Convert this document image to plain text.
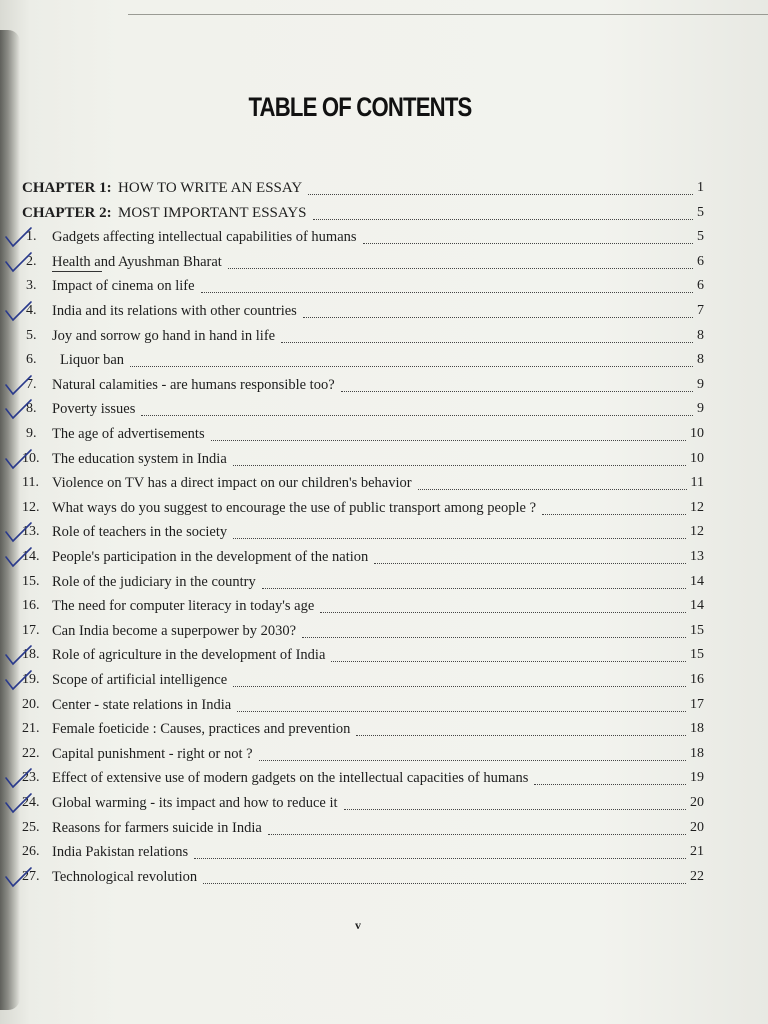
TABLE OF CONTENTS
CHAPTER 1: HOW TO WRITE AN ESSAY	1
CHAPTER 2: MOST IMPORTANT ESSAYS	5
1. Gadgets affecting intellectual capabilities of humans	5
2. Health and Ayushman Bharat	6
3. Impact of cinema on life	6
4. India and its relations with other countries	7
5. Joy and sorrow go hand in hand in life	8
6. Liquor ban	8
7. Natural calamities - are humans responsible too?	9
8. Poverty issues	9
9. The age of advertisements	10
10. The education system in India	10
11. Violence on TV has a direct impact on our children's behavior	11
12. What ways do you suggest to encourage the use of public transport among people ?	12
13. Role of teachers in the society	12
14. People's participation in the development of the nation	13
15. Role of the judiciary in the country	14
16. The need for computer literacy in today's age	14
17. Can India become a superpower by 2030?	15
18. Role of agriculture in the development of India	15
19. Scope of artificial intelligence	16
20. Center - state relations in India	17
21. Female foeticide : Causes, practices and prevention	18
22. Capital punishment - right or not ?	18
23. Effect of extensive use of modern gadgets on the intellectual capacities of humans	19
24. Global warming - its impact and how to reduce it	20
25. Reasons for farmers suicide in India	20
26. India Pakistan relations	21
27. Technological revolution	22
v
